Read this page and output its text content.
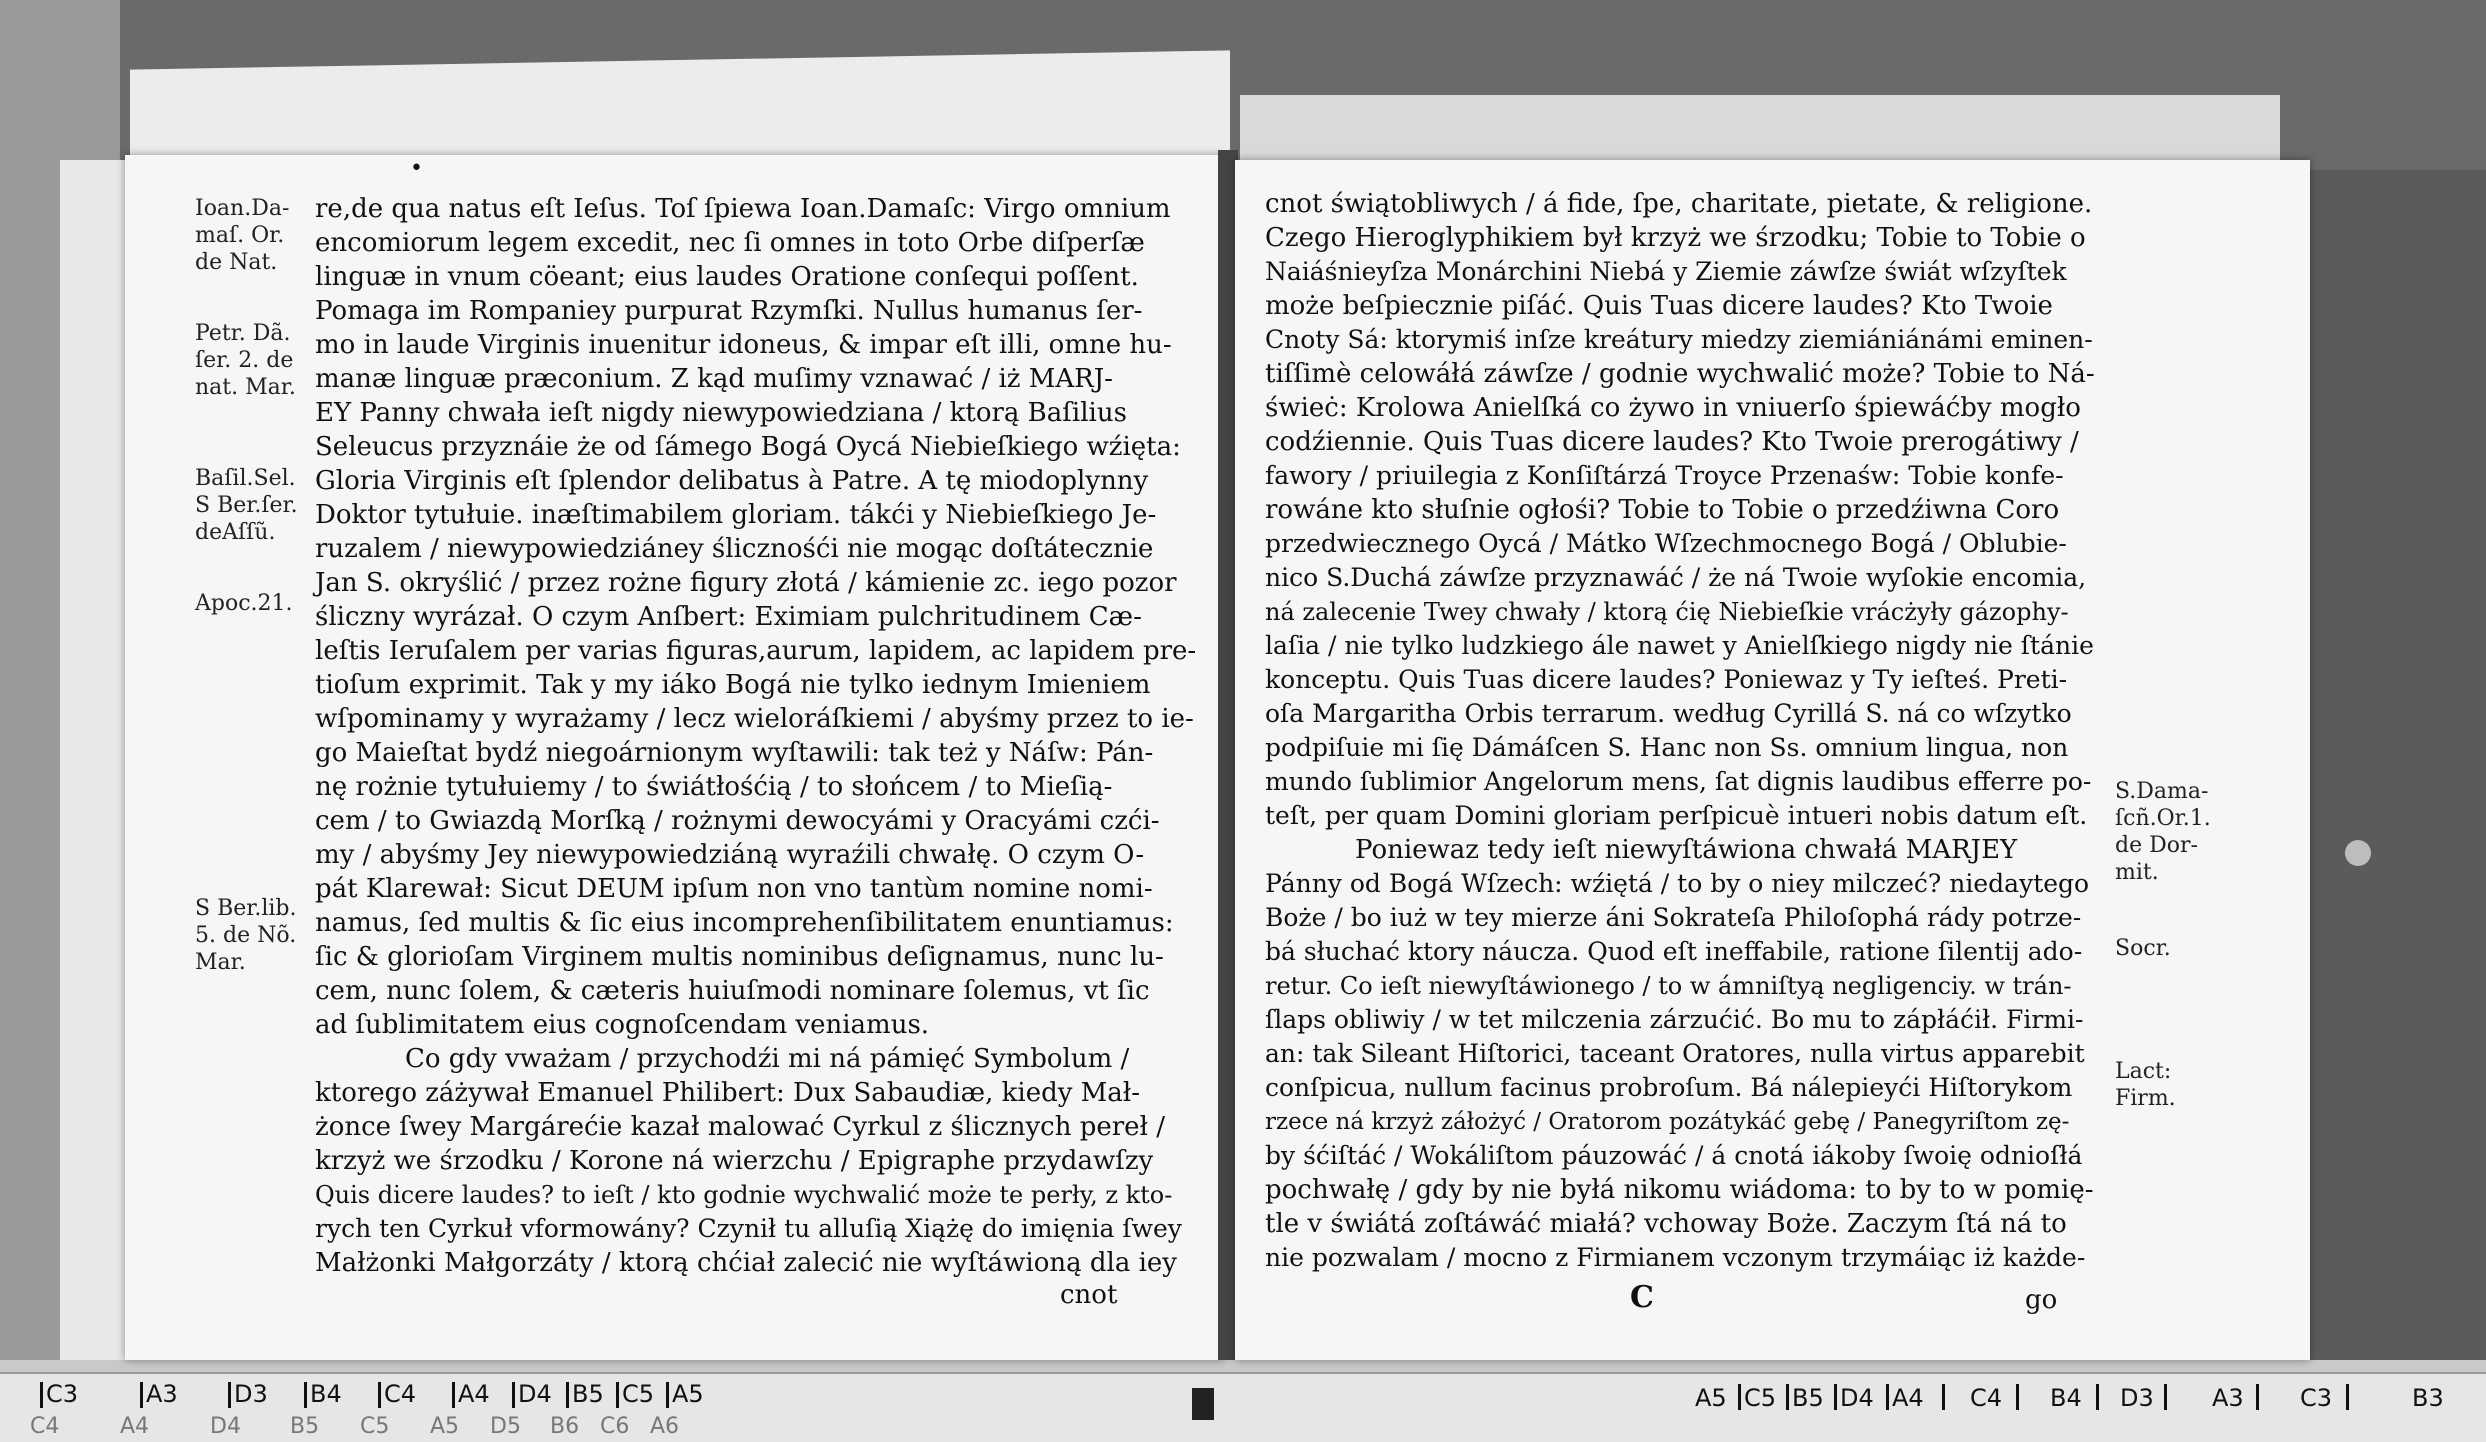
•
Ioan.Da-
maſ. Or.
de Nat.
Petr. Dã.
ſer. 2. de
nat. Mar.
Baſil.Sel.
S Ber.ſer.
deAſſũ.
Apoc.21.
S Ber.lib.
5. de Nõ.
Mar.
re,de qua natus eſt Ieſus. Toſ ſpiewa Ioan.Damaſc: Virgo omnium
encomiorum legem excedit, nec ſi omnes in toto Orbe diſperſæ
linguæ in vnum cöeant; eius laudes Oratione conſequi poſſent.
Pomaga im Rompaniey purpurat Rzymſki. Nullus humanus ſer-
mo in laude Virginis inuenitur idoneus, & impar eſt illi, omne hu-
manæ linguæ præconium. Z kąd muſimy vznawać / iż MARJ-
EY Panny chwała ieſt nigdy niewypowiedziana / ktorą Baſilius
Seleucus przyznáie że od ſámego Bogá Oycá Niebieſkiego wźięta:
Gloria Virginis eſt ſplendor delibatus à Patre. A tę miodoplynny
Doktor tytułuie. inæſtimabilem gloriam. tákći y Niebieſkiego Je-
ruzalem / niewypowiedziáney ślicznośći nie mogąc doſtátecznie
Jan S. okryślić / przez rożne figury złotá / kámienie zc. iego pozor
śliczny wyrázał. O czym Anſbert: Eximiam pulchritudinem Cæ-
leſtis Ieruſalem per varias figuras,aurum, lapidem, ac lapidem pre-
tioſum exprimit. Tak y my iáko Bogá nie tylko iednym Imieniem
wſpominamy y wyrażamy / lecz wieloráſkiemi / abyśmy przez to ie-
go Maieſtat bydź niegoárnionym wyſtawili: tak też y Náſw: Pán-
nę rożnie tytułuiemy / to świátłośćią / to słońcem / to Mieſią-
cem / to Gwiazdą Morſką / rożnymi dewocyámi y Oracyámi czći-
my / abyśmy Jey niewypowiedziáną wyraźili chwałę. O czym O-
pát Klarewał: Sicut DEUM ipſum non vno tantùm nomine nomi-
namus, ſed multis & ſic eius incomprehenſibilitatem enuntiamus:
ſic & glorioſam Virginem multis nominibus deſignamus, nunc lu-
cem, nunc ſolem, & cæteris huiuſmodi nominare ſolemus, vt ſic
ad ſublimitatem eius cognoſcendam veniamus.
Co gdy vważam / przychodźi mi ná pámięć Symbolum /
ktorego záżywał Emanuel Philibert: Dux Sabaudiæ, kiedy Mał-
żonce ſwey Margárećie kazał malować Cyrkul z ślicznych pereł /
krzyż we śrzodku / Korone ná wierzchu / Epigraphe przydawſzy
Quis dicere laudes? to ieſt / kto godnie wychwalić może te perły, z kto-
rych ten Cyrkuł vformowány? Czynił tu alluſią Xiążę do imięnia ſwey
Małżonki Małgorzáty / ktorą chćiał zalecić nie wyſtáwioną dla iey
cnot
cnot świątobliwych / á fide, ſpe, charitate, pietate, & religione.
Czego Hieroglyphikiem był krzyż we śrzodku; Tobie to Tobie o
Naiáśnieyſza Monárchini Niebá y Ziemie záwſze świát wſzyſtek
może beſpiecznie piſáć. Quis Tuas dicere laudes? Kto Twoie
Cnoty Sá: ktorymiś inſze kreátury miedzy ziemiániánámi eminen-
tiſſimè celowáłá záwſze / godnie wychwalić może? Tobie to Ná-
świeċ: Krolowa Anielſká co żywo in vniuerſo śpiewáćby mogło
codźiennie. Quis Tuas dicere laudes? Kto Twoie prerogátiwy /
fawory / priuilegia z Konſiſtárzá Troyce Przenaśw: Tobie konfe-
rowáne kto słuſnie ogłośi? Tobie to Tobie o przedźiwna Coro
przedwiecznego Oycá / Mátko Wſzechmocnego Bogá / Oblubie-
nico S.Duchá záwſze przyznawáć / że ná Twoie wyſokie encomia,
ná zalecenie Twey chwały / ktorą ćię Niebieſkie vrácżyły gázophy-
laſia / nie tylko ludzkiego ále nawet y Anielſkiego nigdy nie ſtánie
konceptu. Quis Tuas dicere laudes? Poniewaz y Ty ieſteś. Preti-
oſa Margaritha Orbis terrarum. według Cyrillá S. ná co wſzytko
podpiſuie mi ſię Dámáſcen S. Hanc non Ss. omnium lingua, non
mundo ſublimior Angelorum mens, ſat dignis laudibus efferre po-
teſt, per quam Domini gloriam perſpicuè intueri nobis datum eſt.
Poniewaz tedy ieſt niewyſtáwiona chwałá MARJEY
Pánny od Bogá Wſzech: wźiętá / to by o niey milczeć? niedaytego
Boże / bo iuż w tey mierze áni Sokrateſa Philoſophá rády potrze-
bá słuchać ktory náucza. Quod eſt ineffabile, ratione ſilentij ado-
retur. Co ieſt niewyſtáwionego / to w ámniſtyą negligenciy. w trán-
ſlaps obliwiy / w tet milczenia zárzućić. Bo mu to zápłáćił. Firmi-
an: tak Sileant Hiſtorici, taceant Oratores, nulla virtus apparebit
conſpicua, nullum facinus probroſum. Bá nálepieyći Hiſtorykom
rzece ná krzyż záłożyć / Oratorom pozátykáć gebę / Panegyriſtom zę-
by śćiſtáć / Wokáliſtom páuzowáć / á cnotá iákoby ſwoię odnioſłá
pochwałę / gdy by nie byłá nikomu wiádoma: to by to w pomię-
tle v świátá zoſtáwáć miałá? vchoway Boże. Zaczym ſtá ná to
nie pozwalam / mocno z Firmianem vczonym trzymáiąc iż każde-
S.Dama-
ſcñ.Or.1.
de Dor-
mit.
Socr.
Lact:
Firm.
C	go
C3	A3 D3 B4 C4 A4 D4 B5 C5 A5
C4	A4	D4 B5 C5 A5 D5 B6 C6 A6
A5 C5 B5 D4 A4 C4 B4 D3 A3 C3	B3
